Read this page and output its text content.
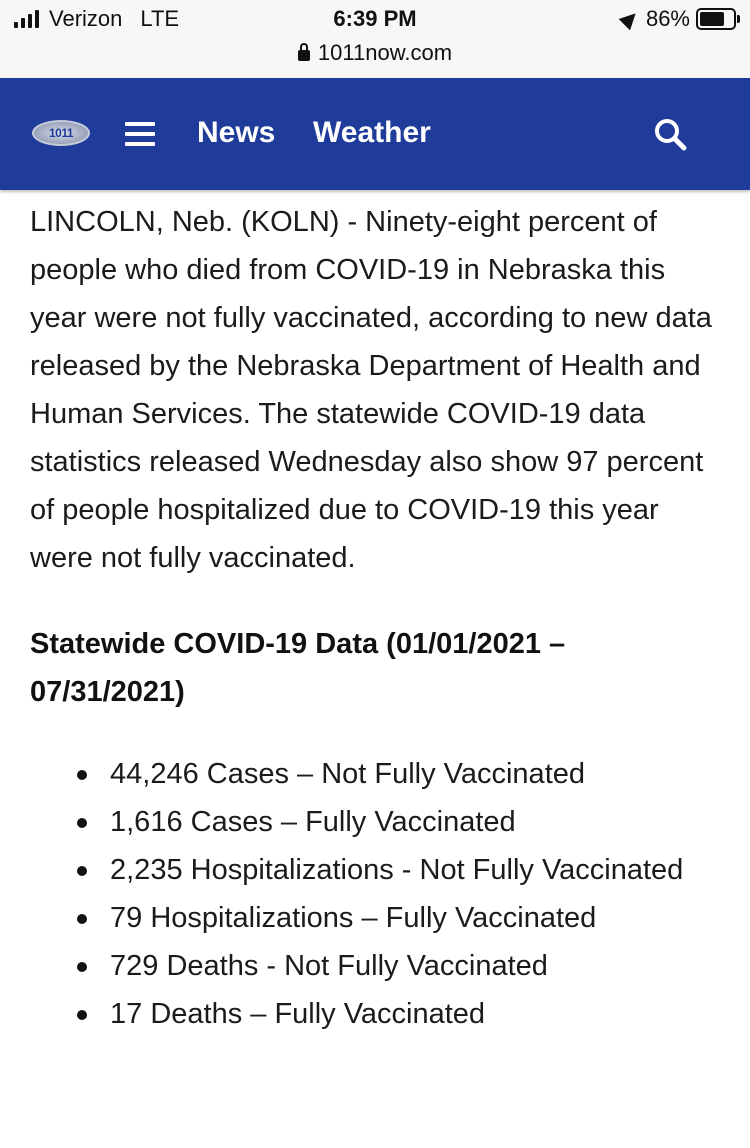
Verizon LTE	6:39 PM
1011now.com
86%
1011	News Weather

LINCOLN, Neb. (KOLN) - Ninety-eight percent of people who died from COVID-19 in Nebraska this year were not fully vaccinated, according to new data released by the Nebraska Department of Health and Human Services. The statewide COVID-19 data statistics released Wednesday also show 97 percent of people hospitalized due to COVID-19 this year were not fully vaccinated.

Statewide COVID-19 Data (01/01/2021 – 07/31/2021)
44,246 Cases – Not Fully Vaccinated
1,616 Cases – Fully Vaccinated
2,235 Hospitalizations - Not Fully Vaccinated
79 Hospitalizations – Fully Vaccinated
729 Deaths - Not Fully Vaccinated
17 Deaths – Fully Vaccinated
